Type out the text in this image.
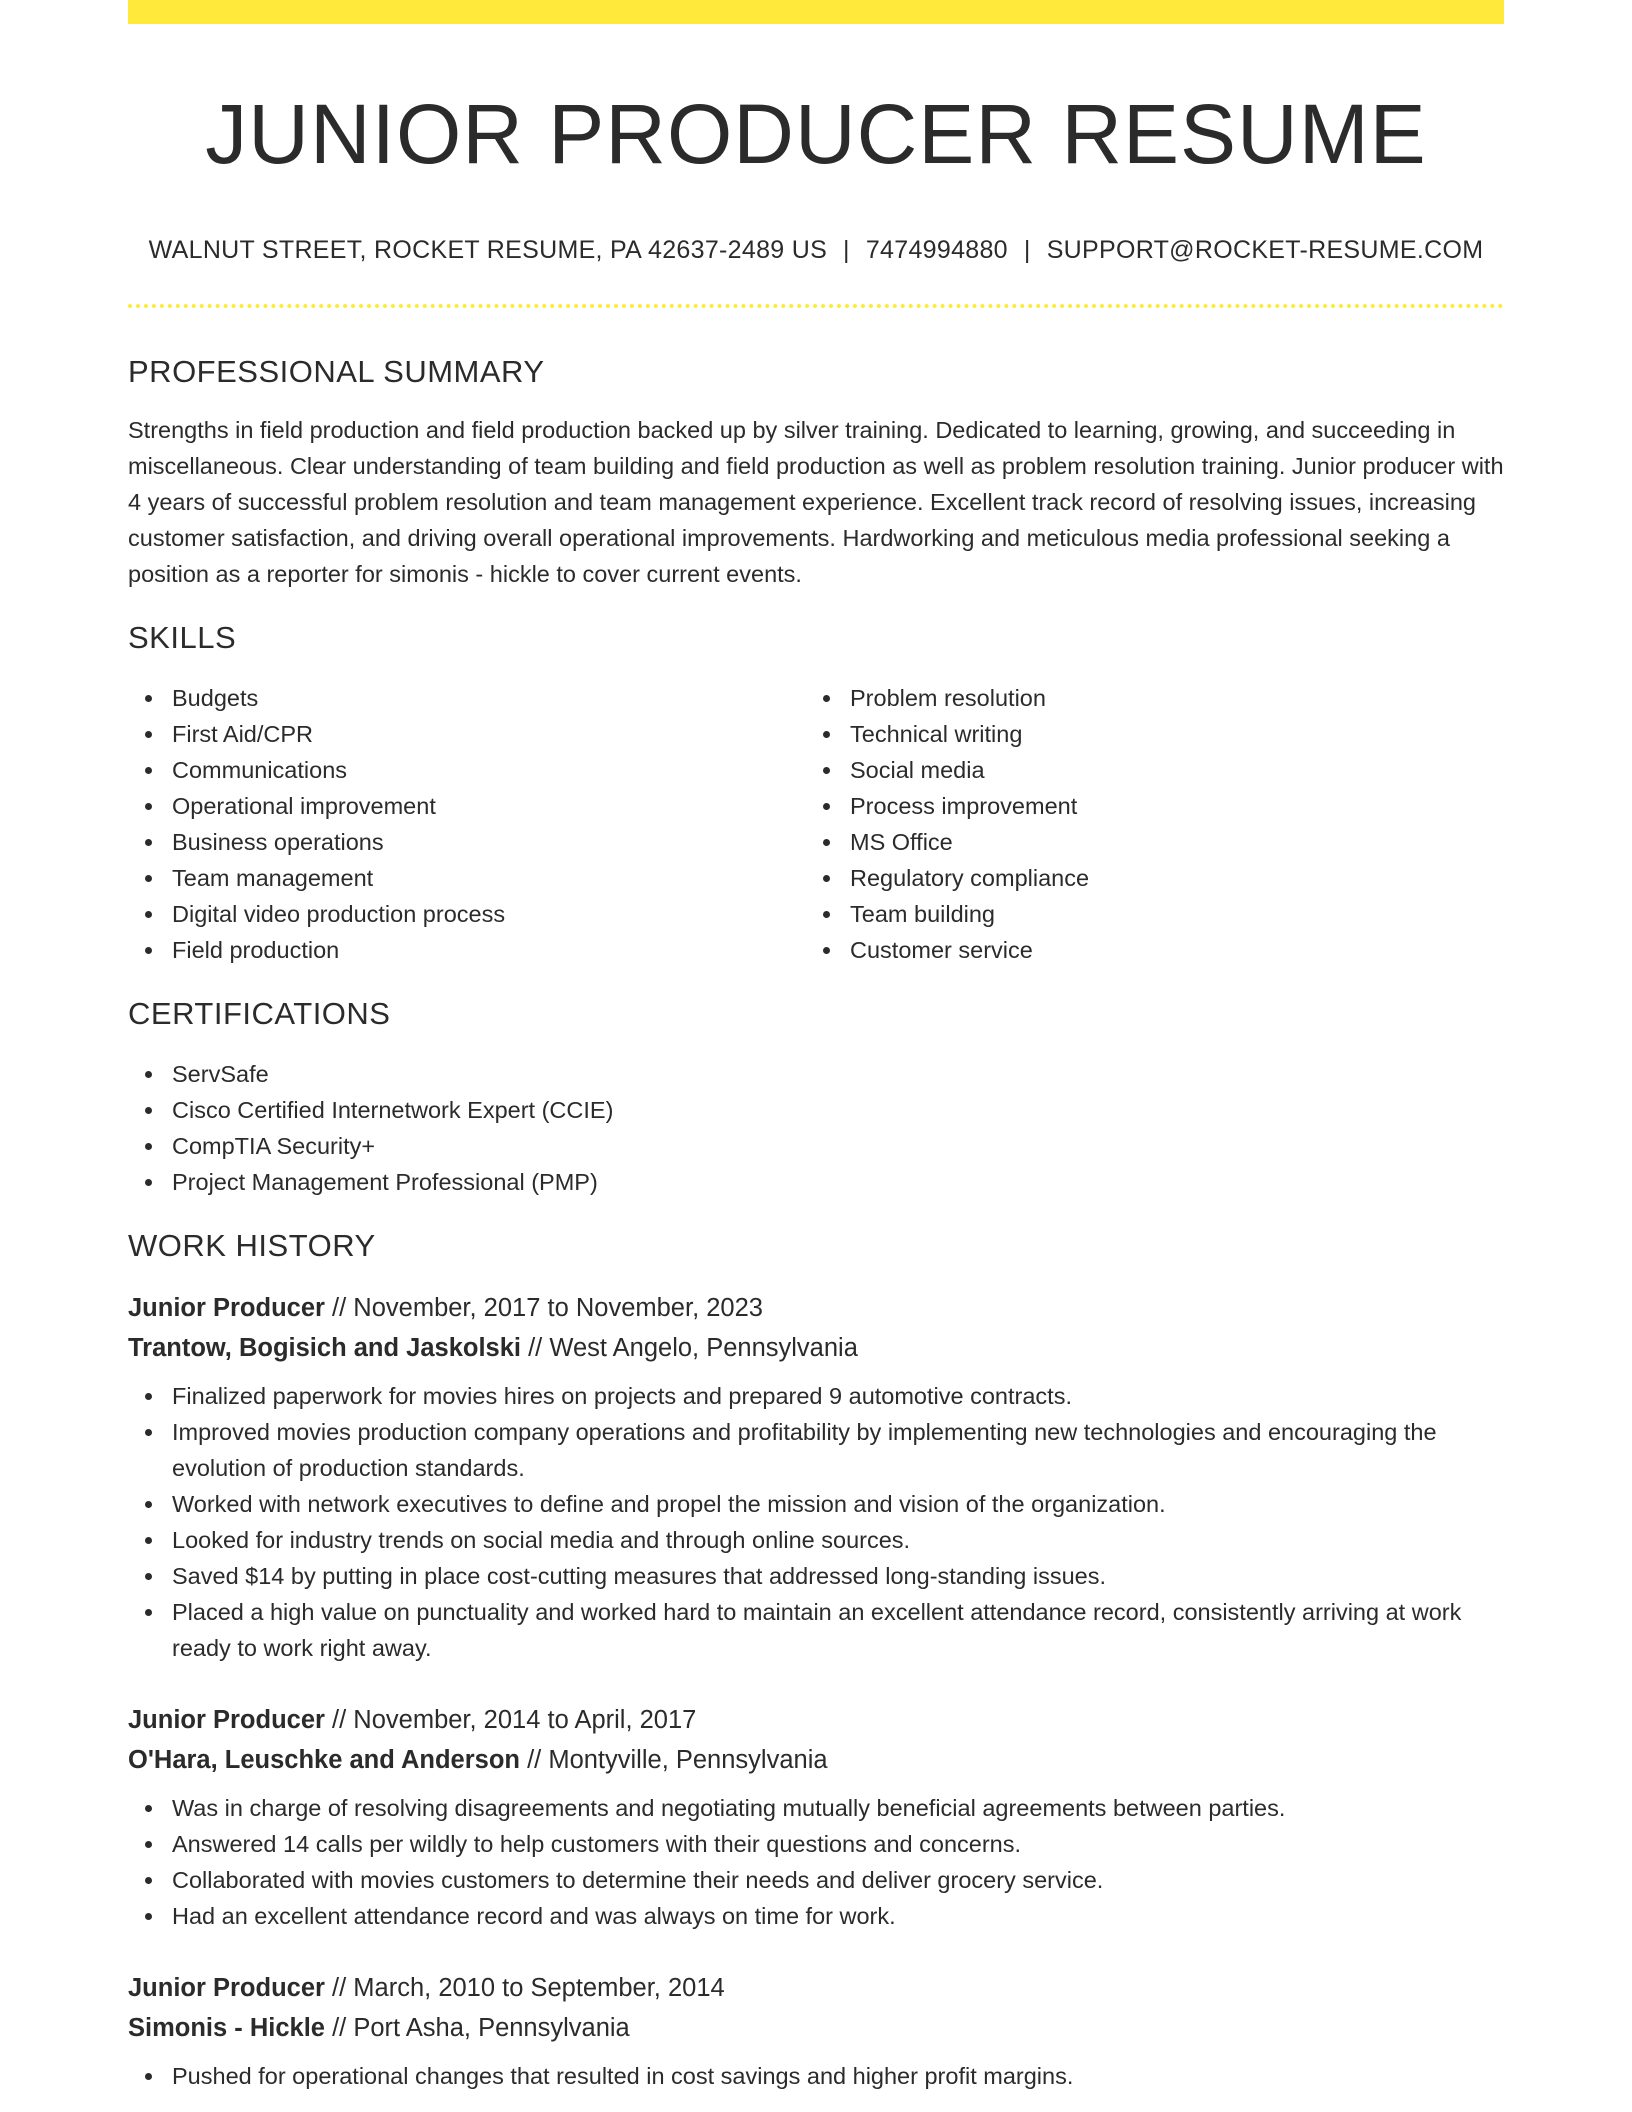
JUNIOR PRODUCER RESUME
WALNUT STREET, ROCKET RESUME, PA 42637-2489 US | 7474994880 | SUPPORT@ROCKET-RESUME.COM
PROFESSIONAL SUMMARY

Strengths in field production and field production backed up by silver training. Dedicated to learning, growing, and succeeding in miscellaneous. Clear understanding of team building and field production as well as problem resolution training. Junior producer with 4 years of successful problem resolution and team management experience. Excellent track record of resolving issues, increasing customer satisfaction, and driving overall operational improvements. Hardworking and meticulous media professional seeking a position as a reporter for simonis - hickle to cover current events.

SKILLS
Budgets
First Aid/CPR
Communications
Operational improvement
Business operations
Team management
Digital video production process
Field production
Problem resolution
Technical writing
Social media
Process improvement
MS Office
Regulatory compliance
Team building
Customer service
CERTIFICATIONS
ServSafe
Cisco Certified Internetwork Expert (CCIE)
CompTIA Security+
Project Management Professional (PMP)
WORK HISTORY
Junior Producer // November, 2017 to November, 2023
Trantow, Bogisich and Jaskolski // West Angelo, Pennsylvania
Finalized paperwork for movies hires on projects and prepared 9 automotive contracts.
Improved movies production company operations and profitability by implementing new technologies and encouraging the evolution of production standards.
Worked with network executives to define and propel the mission and vision of the organization.
Looked for industry trends on social media and through online sources.
Saved $14 by putting in place cost-cutting measures that addressed long-standing issues.
Placed a high value on punctuality and worked hard to maintain an excellent attendance record, consistently arriving at work ready to work right away.
Junior Producer // November, 2014 to April, 2017
O'Hara, Leuschke and Anderson // Montyville, Pennsylvania
Was in charge of resolving disagreements and negotiating mutually beneficial agreements between parties.
Answered 14 calls per wildly to help customers with their questions and concerns.
Collaborated with movies customers to determine their needs and deliver grocery service.
Had an excellent attendance record and was always on time for work.
Junior Producer // March, 2010 to September, 2014
Simonis - Hickle // Port Asha, Pennsylvania
Pushed for operational changes that resulted in cost savings and higher profit margins.
